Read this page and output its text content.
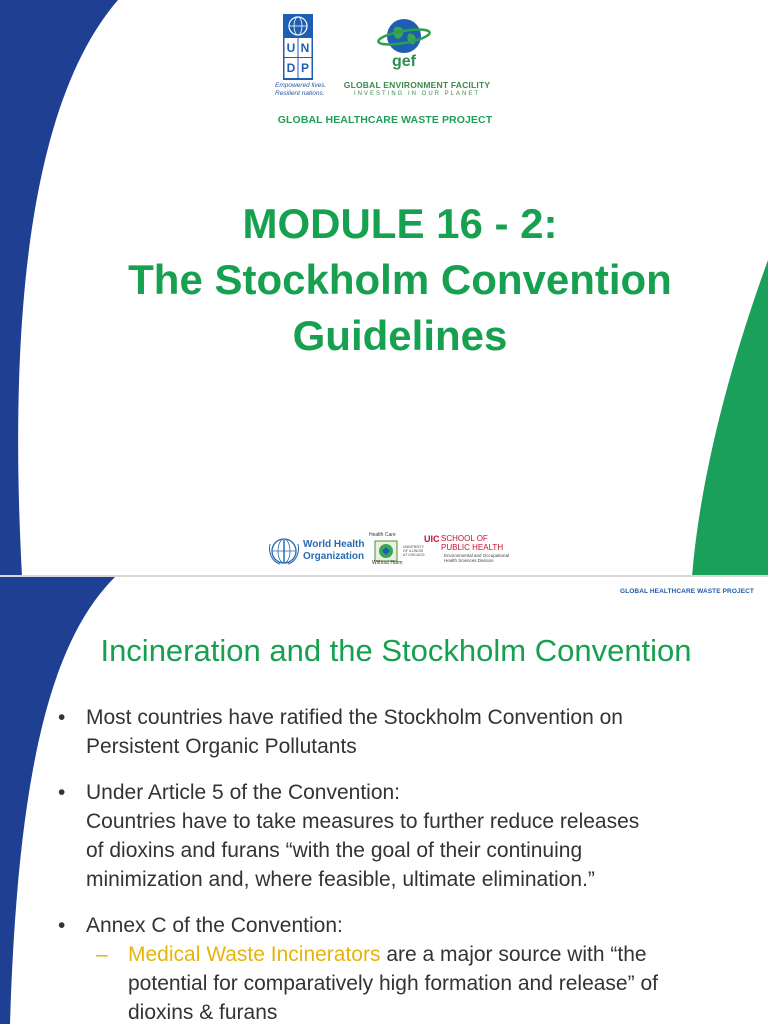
U N
D P
Empowered lives.
Resilient nations.
gef
GLOBAL ENVIRONMENT FACILITY
INVESTING IN OUR PLANET
GLOBAL HEALTHCARE WASTE PROJECT
MODULE 16 - 2:
The Stockholm Convention
Guidelines
World Health
Organization
Health Care
Without Harm
UNIVERSITY OF ILLINOIS AT CHICAGO
UIC SCHOOL OF
PUBLIC HEALTH
Environmental and Occupational
Health Sciences Division
GLOBAL HEALTHCARE WASTE PROJECT
Incineration and the Stockholm Convention
• Most countries have ratified the Stockholm Convention on
Persistent Organic Pollutants
• Under Article 5 of the Convention:
Countries have to take measures to further reduce releases
of dioxins and furans “with the goal of their continuing
minimization and, where feasible, ultimate elimination.”
• Annex C of the Convention:
– Medical Waste Incinerators are a major source with “the
potential for comparatively high formation and release” of
dioxins & furans
